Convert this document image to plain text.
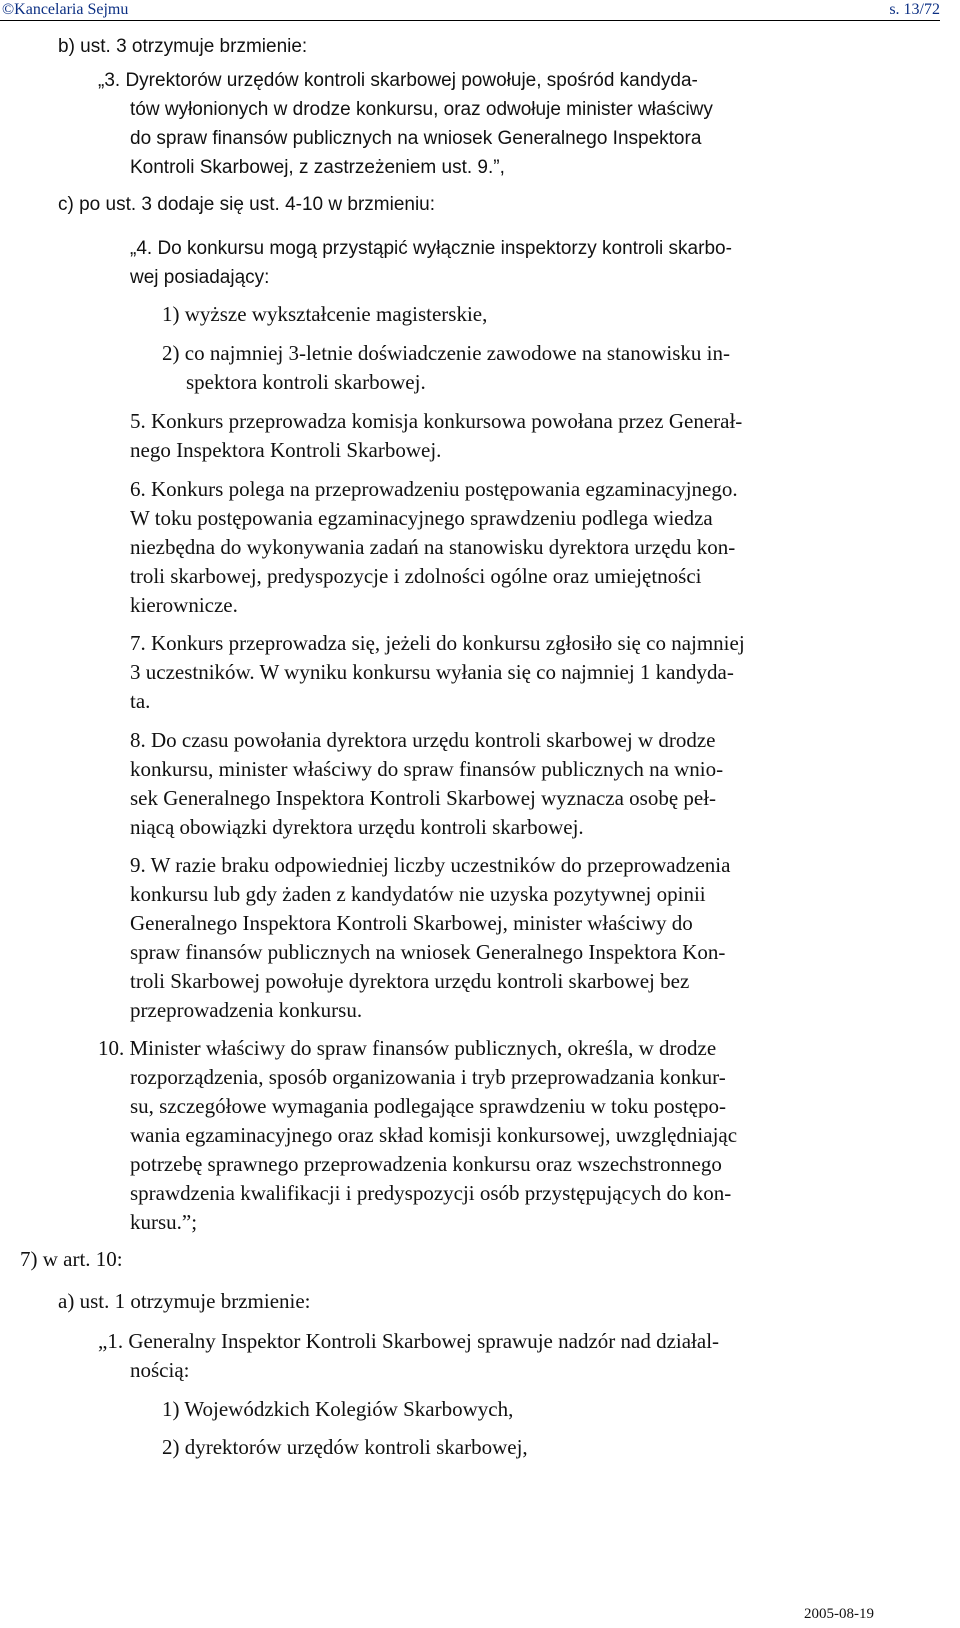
©Kancelaria Sejmu	s. 13/72
b) ust. 3 otrzymuje brzmienie:
„3. Dyrektorów urzędów kontroli skarbowej powołuje, spośród kandyda-
tów wyłonionych w drodze konkursu, oraz odwołuje minister właściwy
do spraw finansów publicznych na wniosek Generalnego Inspektora
Kontroli Skarbowej, z zastrzeżeniem ust. 9.”,
c) po ust. 3 dodaje się ust. 4-10 w brzmieniu:
„4. Do konkursu mogą przystąpić wyłącznie inspektorzy kontroli skarbo-
wej posiadający:
1) wyższe wykształcenie magisterskie,
2) co najmniej 3-letnie doświadczenie zawodowe na stanowisku in-
spektora kontroli skarbowej.
5. Konkurs przeprowadza komisja konkursowa powołana przez Generał-
nego Inspektora Kontroli Skarbowej.
6. Konkurs polega na przeprowadzeniu postępowania egzaminacyjnego.
W toku postępowania egzaminacyjnego sprawdzeniu podlega wiedza
niezbędna do wykonywania zadań na stanowisku dyrektora urzędu kon-
troli skarbowej, predyspozycje i zdolności ogólne oraz umiejętności
kierownicze.
7. Konkurs przeprowadza się, jeżeli do konkursu zgłosiło się co najmniej
3 uczestników. W wyniku konkursu wyłania się co najmniej 1 kandyda-
ta.
8. Do czasu powołania dyrektora urzędu kontroli skarbowej w drodze
konkursu, minister właściwy do spraw finansów publicznych na wnio-
sek Generalnego Inspektora Kontroli Skarbowej wyznacza osobę peł-
niącą obowiązki dyrektora urzędu kontroli skarbowej.
9. W razie braku odpowiedniej liczby uczestników do przeprowadzenia
konkursu lub gdy żaden z kandydatów nie uzyska pozytywnej opinii
Generalnego Inspektora Kontroli Skarbowej, minister właściwy do
spraw finansów publicznych na wniosek Generalnego Inspektora Kon-
troli Skarbowej powołuje dyrektora urzędu kontroli skarbowej bez
przeprowadzenia konkursu.
10. Minister właściwy do spraw finansów publicznych, określa, w drodze
rozporządzenia, sposób organizowania i tryb przeprowadzania konkur-
su, szczegółowe wymagania podlegające sprawdzeniu w toku postępo-
wania egzaminacyjnego oraz skład komisji konkursowej, uwzględniając
potrzebę sprawnego przeprowadzenia konkursu oraz wszechstronnego
sprawdzenia kwalifikacji i predyspozycji osób przystępujących do kon-
kursu.”;
7) w art. 10:
a) ust. 1 otrzymuje brzmienie:
„1. Generalny Inspektor Kontroli Skarbowej sprawuje nadzór nad działal-
nością:
1) Wojewódzkich Kolegiów Skarbowych,
2) dyrektorów urzędów kontroli skarbowej,
2005-08-19
